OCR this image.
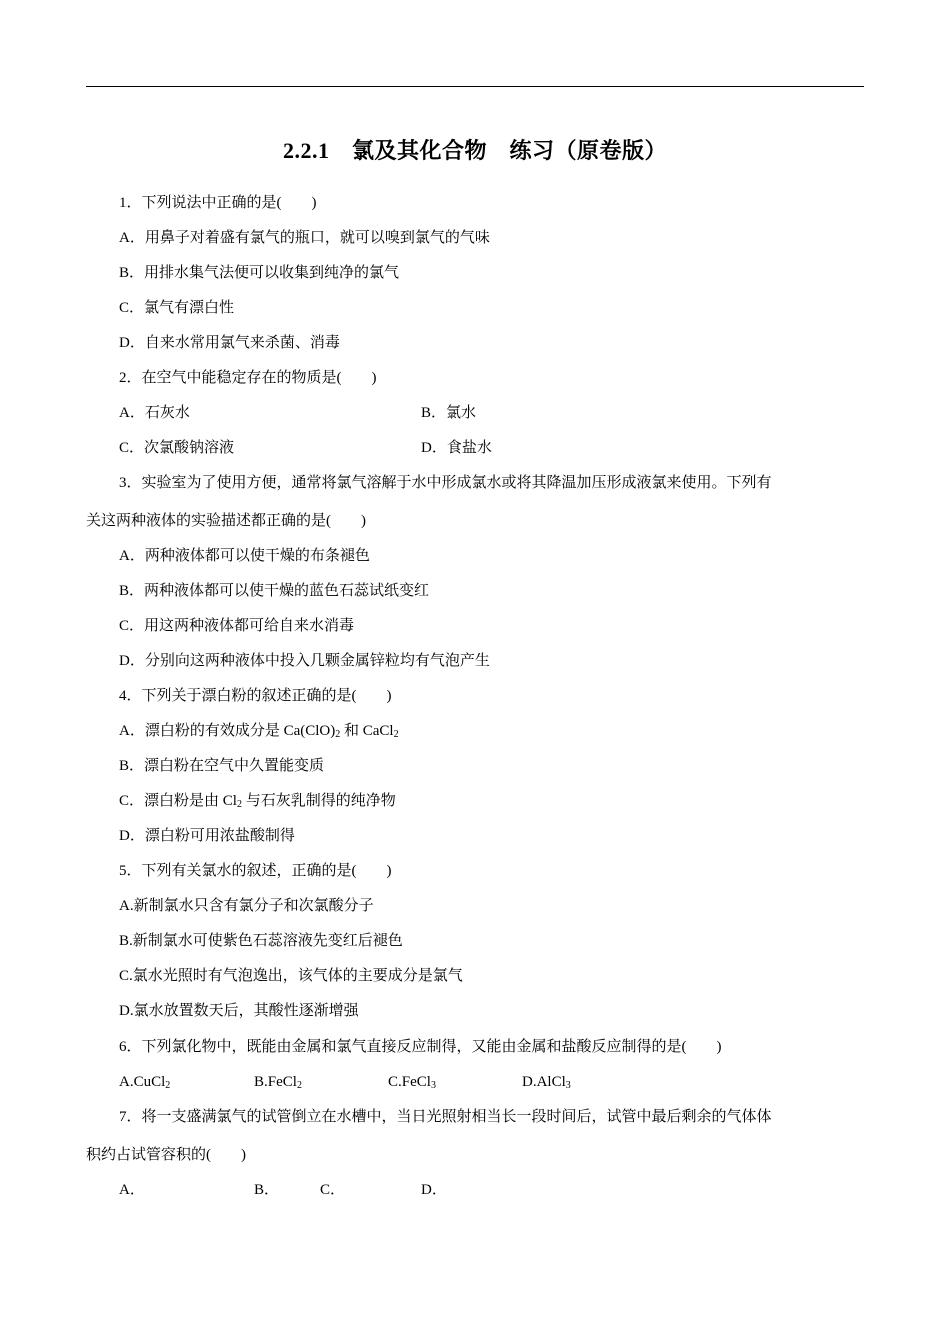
2.2.1　氯及其化合物　练习（原卷版）
1．下列说法中正确的是(　　)
A．用鼻子对着盛有氯气的瓶口，就可以嗅到氯气的气味
B．用排水集气法便可以收集到纯净的氯气
C．氯气有漂白性
D．自来水常用氯气来杀菌、消毒
2．在空气中能稳定存在的物质是(　　)
A．石灰水	B．氯水
C．次氯酸钠溶液	D．食盐水
3．实验室为了使用方便，通常将氯气溶解于水中形成氯水或将其降温加压形成液氯来使用。下列有
关这两种液体的实验描述都正确的是(　　)
A．两种液体都可以使干燥的布条褪色
B．两种液体都可以使干燥的蓝色石蕊试纸变红
C．用这两种液体都可给自来水消毒
D．分别向这两种液体中投入几颗金属锌粒均有气泡产生
4．下列关于漂白粉的叙述正确的是(　　)
A．漂白粉的有效成分是 $Ca(ClO)_2$ 和 CaCl$_2$
B．漂白粉在空气中久置能变质
C．漂白粉是由 $Cl_2$ 与石灰乳制得的纯净物
D．漂白粉可用浓盐酸制得
5．下列有关氯水的叙述，正确的是(　　)
A.新制氯水只含有氯分子和次氯酸分子
B.新制氯水可使紫色石蕊溶液先变红后褪色
C.氯水光照时有气泡逸出，该气体的主要成分是氯气
D.氯水放置数天后，其酸性逐渐增强
6．下列氯化物中，既能由金属和氯气直接反应制得，又能由金属和盐酸反应制得的是(　　)
A.CuCl$_2$	B.FeCl$_2$	C.FeCl$_3$	D.AlCl$_3$
7．将一支盛满氯气的试管倒立在水槽中，当日光照射相当长一段时间后，试管中最后剩余的气体体
积约占试管容积的(　　)
A．	B．	C．	D．
